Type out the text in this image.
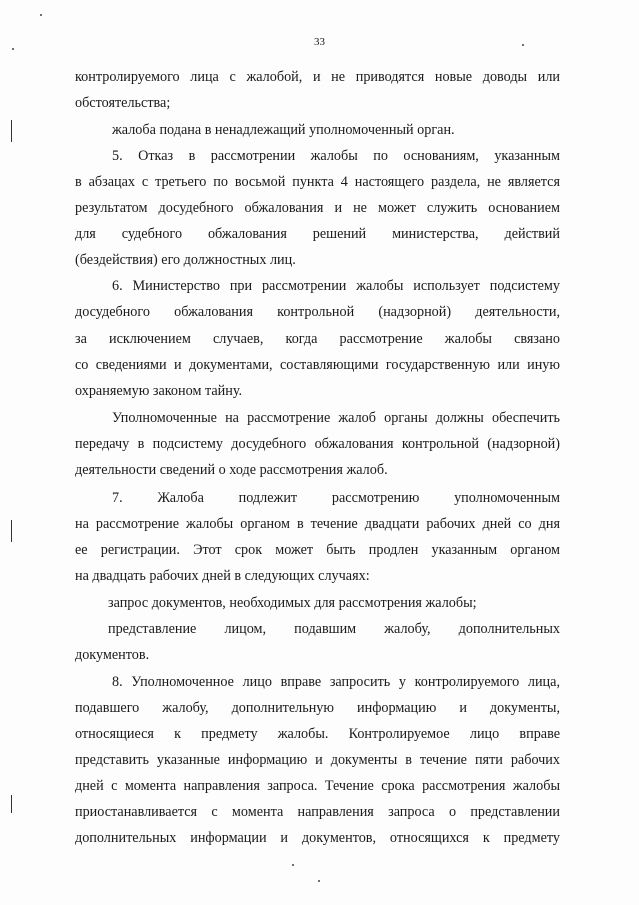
33
контролируемого лица с жалобой, и не приводятся новые доводы или
обстоятельства;
жалоба подана в ненадлежащий уполномоченный орган.
5. Отказ в рассмотрении жалобы по основаниям, указанным
в абзацах с третьего по восьмой пункта 4 настоящего раздела, не является
результатом досудебного обжалования и не может служить основанием
для судебного обжалования решений министерства, действий
(бездействия) его должностных лиц.
6. Министерство при рассмотрении жалобы использует подсистему
досудебного обжалования контрольной (надзорной) деятельности,
за исключением случаев, когда рассмотрение жалобы связано
со сведениями и документами, составляющими государственную или иную
охраняемую законом тайну.
Уполномоченные на рассмотрение жалоб органы должны обеспечить
передачу в подсистему досудебного обжалования контрольной (надзорной)
деятельности сведений о ходе рассмотрения жалоб.
7. Жалоба подлежит рассмотрению уполномоченным
на рассмотрение жалобы органом в течение двадцати рабочих дней со дня
ее регистрации. Этот срок может быть продлен указанным органом
на двадцать рабочих дней в следующих случаях:
запрос документов, необходимых для рассмотрения жалобы;
представление лицом, подавшим жалобу, дополнительных
документов.
8. Уполномоченное лицо вправе запросить у контролируемого лица,
подавшего жалобу, дополнительную информацию и документы,
относящиеся к предмету жалобы. Контролируемое лицо вправе
представить указанные информацию и документы в течение пяти рабочих
дней с момента направления запроса. Течение срока рассмотрения жалобы
приостанавливается с момента направления запроса о представлении
дополнительных информации и документов, относящихся к предмету
